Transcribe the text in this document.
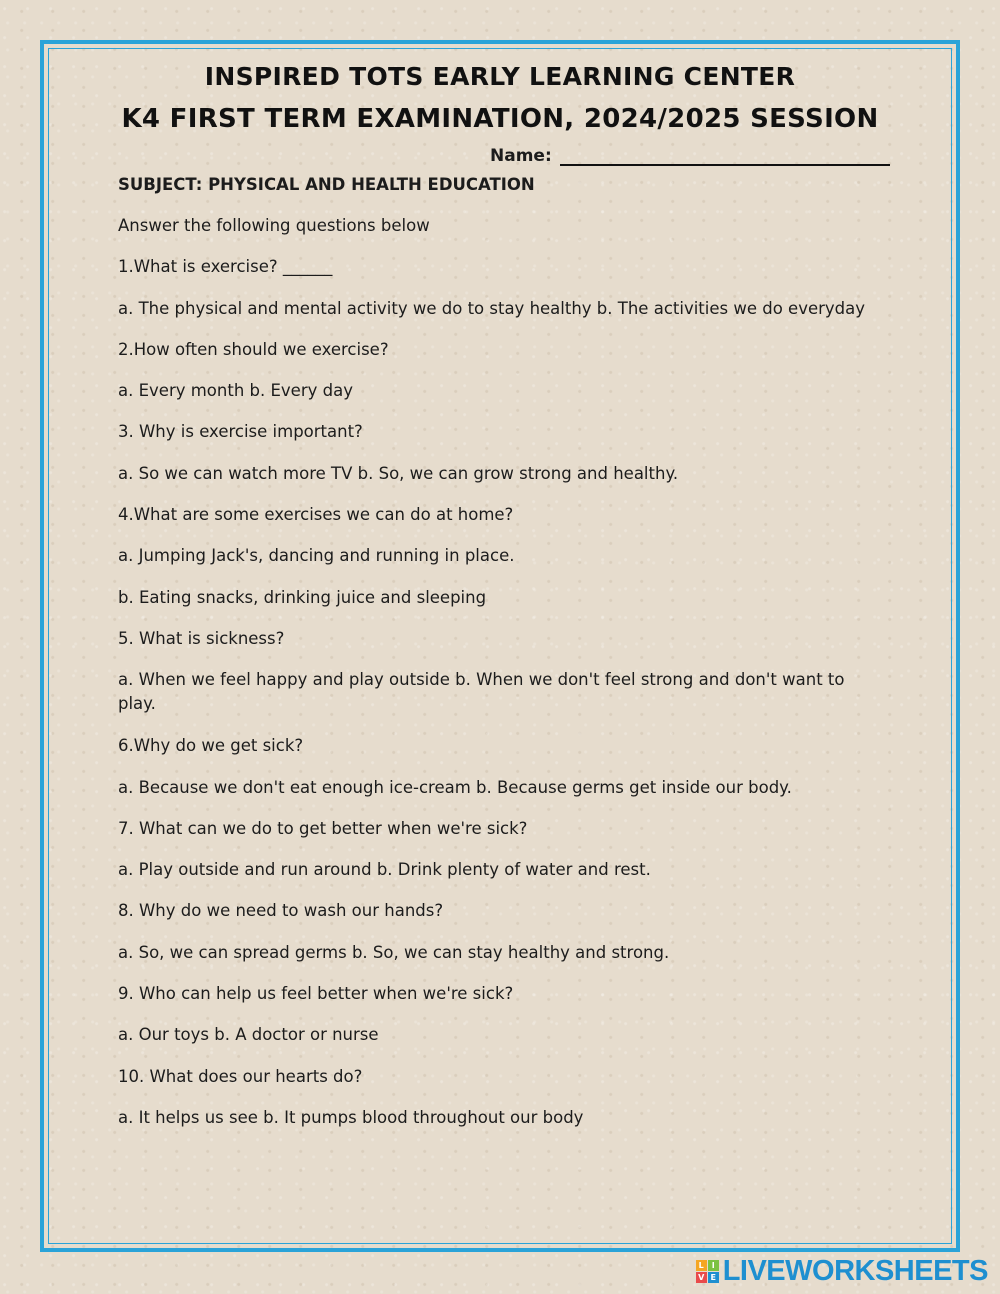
INSPIRED TOTS EARLY LEARNING CENTER
K4 FIRST TERM EXAMINATION, 2024/2025 SESSION
Name:
SUBJECT: PHYSICAL AND HEALTH EDUCATION
Answer the following questions below
1.What is exercise? ______
a. The physical and mental activity we do to stay healthy b. The activities we do everyday
2.How often should we exercise?
a. Every month b. Every day
3. Why is exercise important?
a. So we can watch more TV b. So, we can grow strong and healthy.
4.What are some exercises we can do at home?
a. Jumping Jack's, dancing and running in place.
b. Eating snacks, drinking juice and sleeping
5. What is sickness?
a. When we feel happy and play outside b. When we don't feel strong and don't want to play.
6.Why do we get sick?
a. Because we don't eat enough ice-cream b. Because germs get inside our body.
7. What can we do to get better when we're sick?
a. Play outside and run around b. Drink plenty of water and rest.
8. Why do we need to wash our hands?
a. So, we can spread germs b. So, we can stay healthy and strong.
9. Who can help us feel better when we're sick?
a. Our toys b. A doctor or nurse
10. What does our hearts do?
a. It helps us see b. It pumps blood throughout our body
L I
V E LIVEWORKSHEETS
